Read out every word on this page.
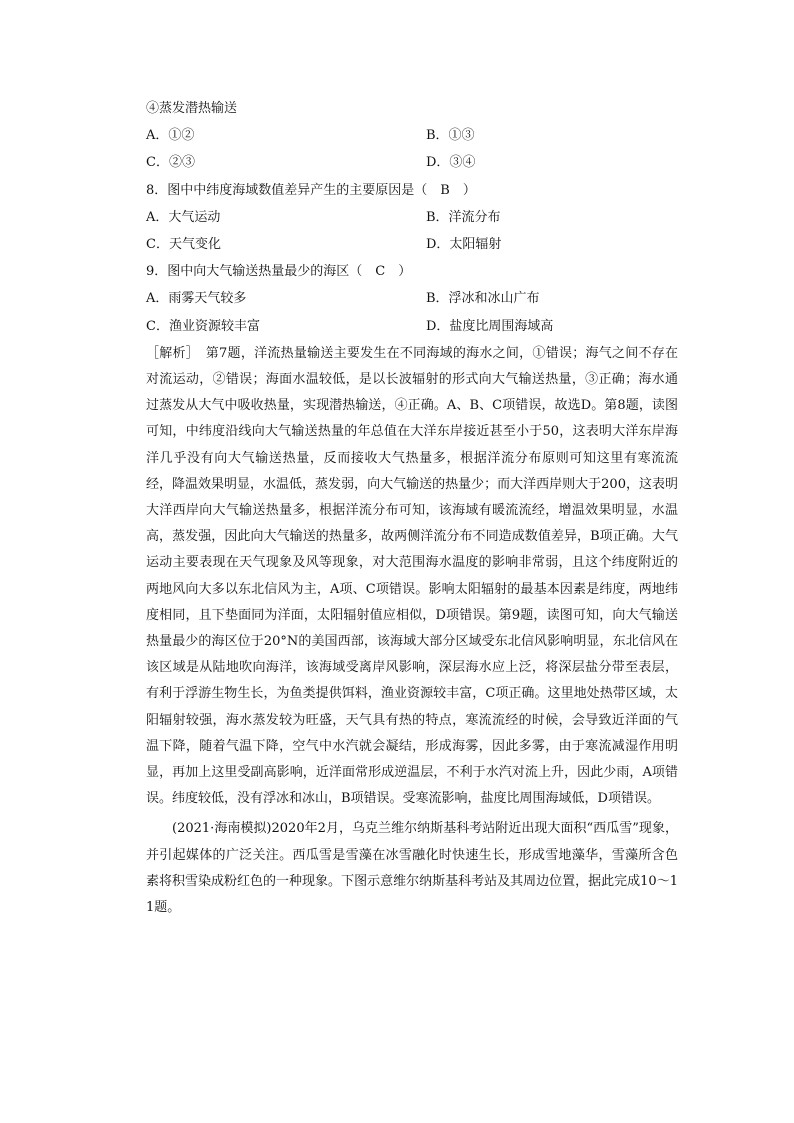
④蒸发潜热输送
A．①②	B．①③
C．②③	D．③④
8．图中中纬度海域数值差异产生的主要原因是（　B　）
A．大气运动	B．洋流分布
C．天气变化	D．太阳辐射
9．图中向大气输送热量最少的海区（　C　）
A．雨雾天气较多	B．浮冰和冰山广布
C．渔业资源较丰富	D．盐度比周围海域高
［解析］　第7题，洋流热量输送主要发生在不同海域的海水之间，①错误；海气之间不存在对流运动，②错误；海面水温较低，是以长波辐射的形式向大气输送热量，③正确；海水通过蒸发从大气中吸收热量，实现潜热输送，④正确。A、B、C项错误，故选D。第8题，读图可知，中纬度沿线向大气输送热量的年总值在大洋东岸接近甚至小于50，这表明大洋东岸海洋几乎没有向大气输送热量，反而接收大气热量多，根据洋流分布原则可知这里有寒流流经，降温效果明显，水温低，蒸发弱，向大气输送的热量少；而大洋西岸则大于200，这表明大洋西岸向大气输送热量多，根据洋流分布可知，该海域有暖流流经，增温效果明显，水温高，蒸发强，因此向大气输送的热量多，故两侧洋流分布不同造成数值差异，B项正确。大气运动主要表现在天气现象及风等现象，对大范围海水温度的影响非常弱，且这个纬度附近的两地风向大多以东北信风为主，A项、C项错误。影响太阳辐射的最基本因素是纬度，两地纬度相同，且下垫面同为洋面，太阳辐射值应相似，D项错误。第9题，读图可知，向大气输送热量最少的海区位于20°N的美国西部，该海域大部分区域受东北信风影响明显，东北信风在该区域是从陆地吹向海洋，该海域受离岸风影响，深层海水应上泛，将深层盐分带至表层，有利于浮游生物生长，为鱼类提供饵料，渔业资源较丰富，C项正确。这里地处热带区域，太阳辐射较强，海水蒸发较为旺盛，天气具有热的特点，寒流流经的时候，会导致近洋面的气温下降，随着气温下降，空气中水汽就会凝结，形成海雾，因此多雾，由于寒流减湿作用明显，再加上这里受副高影响，近洋面常形成逆温层，不利于水汽对流上升，因此少雨，A项错误。纬度较低，没有浮冰和冰山，B项错误。受寒流影响，盐度比周围海域低，D项错误。
(2021·海南模拟)2020年2月，乌克兰维尔纳斯基科考站附近出现大面积“西瓜雪”现象，并引起媒体的广泛关注。西瓜雪是雪藻在冰雪融化时快速生长，形成雪地藻华，雪藻所含色素将积雪染成粉红色的一种现象。下图示意维尔纳斯基科考站及其周边位置，据此完成10～11题。
